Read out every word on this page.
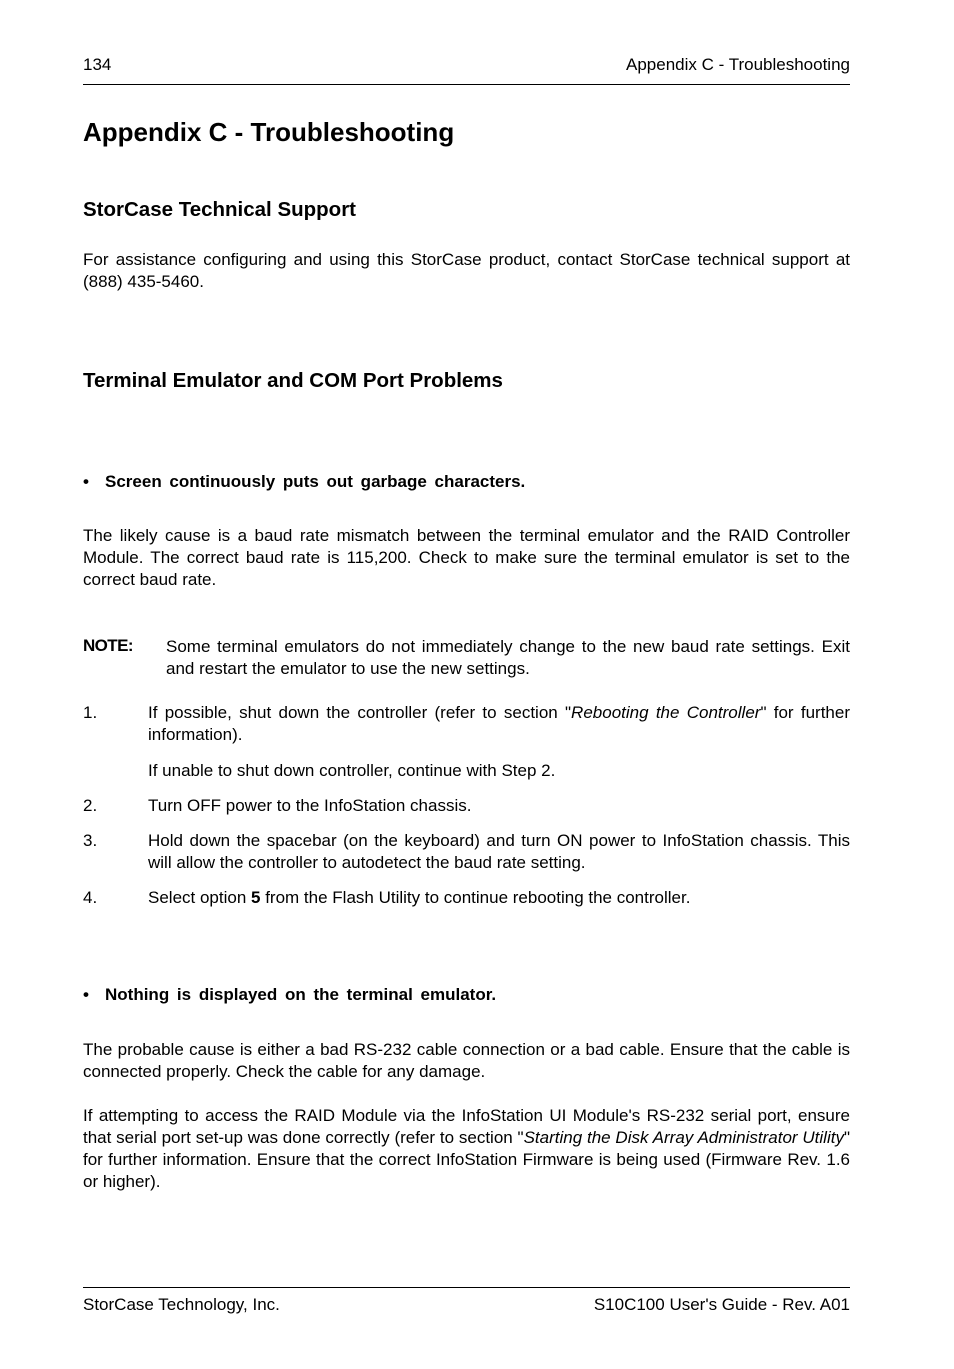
134	Appendix C - Troubleshooting
Appendix C - Troubleshooting
StorCase Technical Support
For assistance configuring and using this StorCase product, contact StorCase technical support at (888) 435-5460.
Terminal Emulator and COM Port Problems
• Screen continuously puts out garbage characters.
The likely cause is a baud rate mismatch between the terminal emulator and the RAID Controller Module. The correct baud rate is 115,200. Check to make sure the terminal emulator is set to the correct baud rate.
NOTE: Some terminal emulators do not immediately change to the new baud rate settings. Exit and restart the emulator to use the new settings.
1.	If possible, shut down the controller (refer to section "Rebooting the Controller" for further information).
If unable to shut down controller, continue with Step 2.
2.	Turn OFF power to the InfoStation chassis.
3.	Hold down the spacebar (on the keyboard) and turn ON power to InfoStation chassis. This will allow the controller to autodetect the baud rate setting.
4.	Select option 5 from the Flash Utility to continue rebooting the controller.
• Nothing is displayed on the terminal emulator.
The probable cause is either a bad RS-232 cable connection or a bad cable. Ensure that the cable is connected properly. Check the cable for any damage.
If attempting to access the RAID Module via the InfoStation UI Module's RS-232 serial port, ensure that serial port set-up was done correctly (refer to section "Starting the Disk Array Administrator Utility" for further information. Ensure that the correct InfoStation Firmware is being used (Firmware Rev. 1.6 or higher).
StorCase Technology, Inc.	S10C100 User's Guide - Rev. A01
